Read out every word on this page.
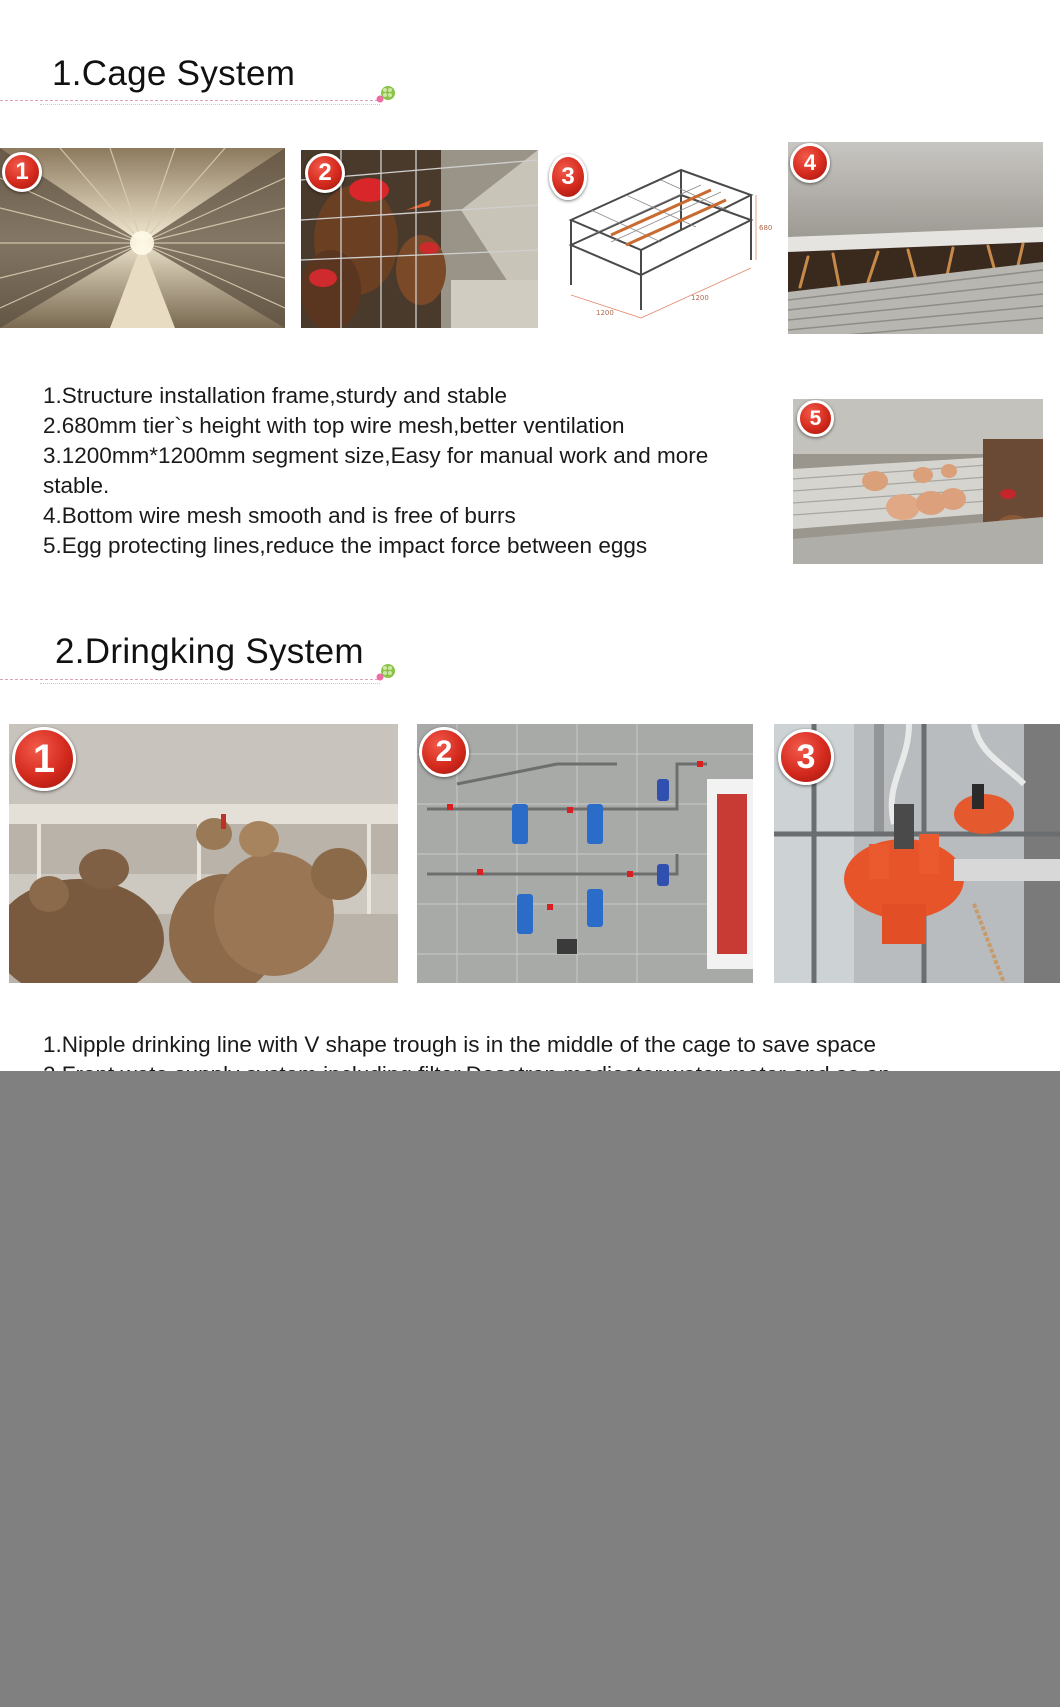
1.Cage System
1	2
1200
1200
680
3
4
1.Structure installation frame,sturdy and stable
2.680mm tier`s height with top wire mesh,better ventilation
3.1200mm*1200mm segment size,Easy for manual work and more stable.
4.Bottom wire mesh smooth and is free of burrs
5.Egg protecting lines,reduce the impact force between eggs
5
2.Dringking System
1	2	3
1.Nipple drinking line with V shape trough is in the middle of the cage to save space
